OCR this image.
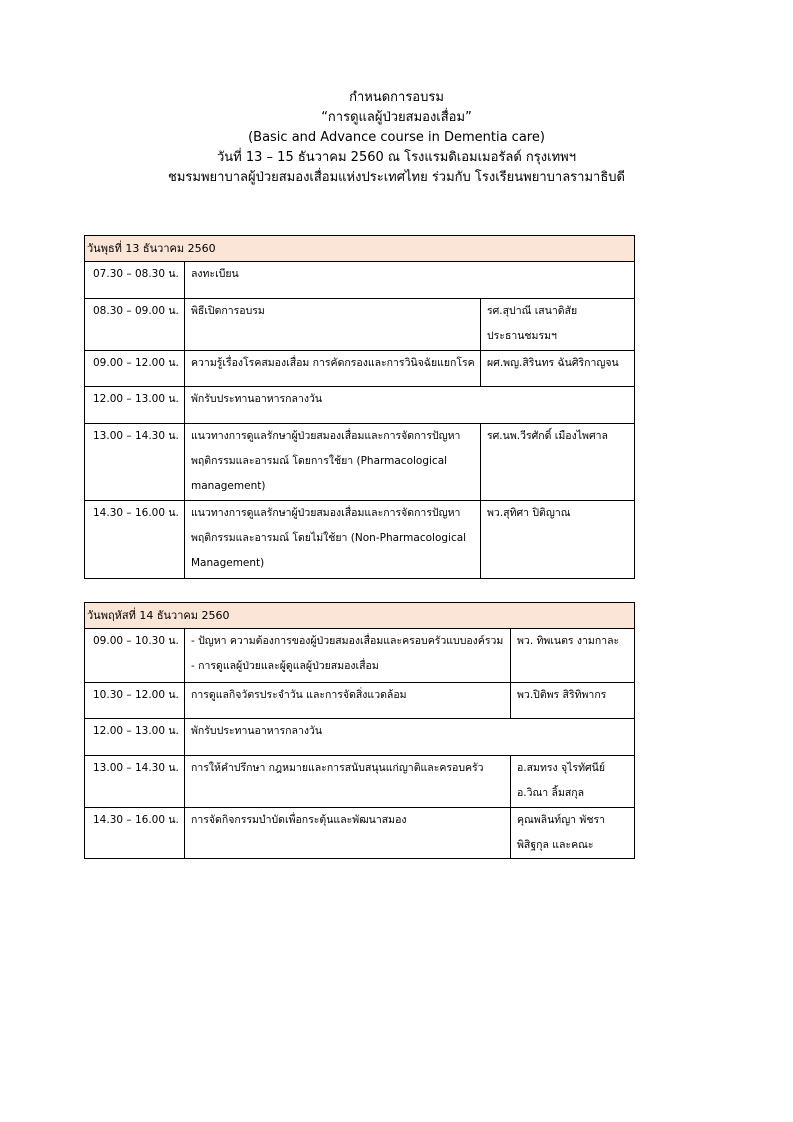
กำหนดการอบรม
“การดูแลผู้ป่วยสมองเสื่อม”
(Basic and Advance course in Dementia care)
วันที่ 13 – 15 ธันวาคม 2560 ณ โรงแรมดิเอมเมอรัลด์ กรุงเทพฯ
ชมรมพยาบาลผู้ป่วยสมองเสื่อมแห่งประเทศไทย ร่วมกับ โรงเรียนพยาบาลรามาธิบดี
วันพุธที่ 13 ธันวาคม 2560		
07.30 – 08.30 น.	ลงทะเบียน	

08.30 – 09.00 น.	พิธีเปิดการอบรม	รศ.สุปาณี เสนาดิสัย
ประธานชมรมฯ

09.00 – 12.00 น.	ความรู้เรื่องโรคสมองเสื่อม การคัดกรองและการวินิจฉัยแยกโรค	ผศ.พญ.สิรินทร ฉันศิริกาญจน

12.00 – 13.00 น.	พักรับประทานอาหารกลางวัน	

13.00 – 14.30 น.	แนวทางการดูแลรักษาผู้ป่วยสมองเสื่อมและการจัดการปัญหา
พฤติกรรมและอารมณ์ โดยการใช้ยา (Pharmacological
management)	รศ.นพ.วีรศักดิ์ เมืองไพศาล

14.30 – 16.00 น.	แนวทางการดูแลรักษาผู้ป่วยสมองเสื่อมและการจัดการปัญหา
พฤติกรรมและอารมณ์ โดยไม่ใช้ยา (Non-Pharmacological
Management)	พว.สุทิศา ปิติญาณ
วันพฤหัสที่ 14 ธันวาคม 2560		
09.00 – 10.30 น.	- ปัญหา ความต้องการของผู้ป่วยสมองเสื่อมและครอบครัวแบบองค์รวม
- การดูแลผู้ป่วยและผู้ดูแลผู้ป่วยสมองเสื่อม	พว. ทิพเนตร งามกาละ

10.30 – 12.00 น.	การดูแลกิจวัตรประจำวัน และการจัดสิ่งแวดล้อม	พว.ปิติพร สิริทิพากร

12.00 – 13.00 น.	พักรับประทานอาหารกลางวัน	

13.00 – 14.30 น.	การให้คำปรึกษา กฎหมายและการสนับสนุนแก่ญาติและครอบครัว	อ.สมทรง จุไรทัศนีย์
อ.วิณา ลิ้มสกุล

14.30 – 16.00 น.	การจัดกิจกรรมบำบัดเพื่อกระตุ้นและพัฒนาสมอง	คุณพลินท์ญา พัชรา
พิสิฐกุล และคณะ
